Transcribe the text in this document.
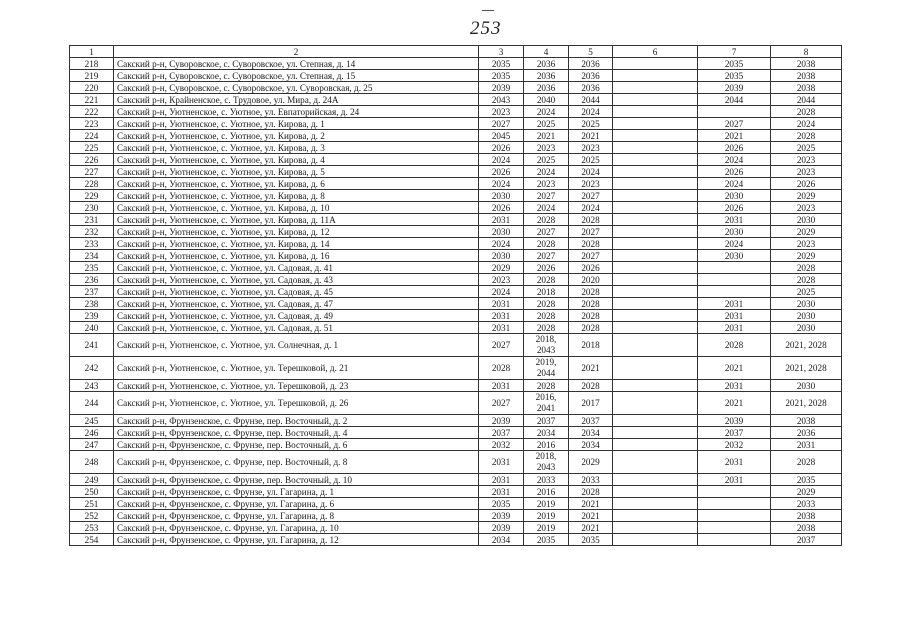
253
1	2	3	4	5	6	7	8
218	Сакский р-н, Суворовское, с. Суворовское, ул. Степная, д. 14	2035	2036	2036		2035	2038
219	Сакский р-н, Суворовское, с. Суворовское, ул. Степная, д. 15	2035	2036	2036		2035	2038
220	Сакский р-н, Суворовское, с. Суворовское, ул. Суворовская, д. 25	2039	2036	2036		2039	2038
221	Сакский р-н, Крайненское, с. Трудовое, ул. Мира, д. 24А	2043	2040	2044		2044	2044
222	Сакский р-н, Уютненское, с. Уютное, ул. Евпаторийская, д. 24	2023	2024	2024			2028
223	Сакский р-н, Уютненское, с. Уютное, ул. Кирова, д. 1	2027	2025	2025		2027	2024
224	Сакский р-н, Уютненское, с. Уютное, ул. Кирова, д. 2	2045	2021	2021		2021	2028
225	Сакский р-н, Уютненское, с. Уютное, ул. Кирова, д. 3	2026	2023	2023		2026	2025
226	Сакский р-н, Уютненское, с. Уютное, ул. Кирова, д. 4	2024	2025	2025		2024	2023
227	Сакский р-н, Уютненское, с. Уютное, ул. Кирова, д. 5	2026	2024	2024		2026	2023
228	Сакский р-н, Уютненское, с. Уютное, ул. Кирова, д. 6	2024	2023	2023		2024	2026
229	Сакский р-н, Уютненское, с. Уютное, ул. Кирова, д. 8	2030	2027	2027		2030	2029
230	Сакский р-н, Уютненское, с. Уютное, ул. Кирова, д. 10	2026	2024	2024		2026	2023
231	Сакский р-н, Уютненское, с. Уютное, ул. Кирова, д. 11А	2031	2028	2028		2031	2030
232	Сакский р-н, Уютненское, с. Уютное, ул. Кирова, д. 12	2030	2027	2027		2030	2029
233	Сакский р-н, Уютненское, с. Уютное, ул. Кирова, д. 14	2024	2028	2028		2024	2023
234	Сакский р-н, Уютненское, с. Уютное, ул. Кирова, д. 16	2030	2027	2027		2030	2029
235	Сакский р-н, Уютненское, с. Уютное, ул. Садовая, д. 41	2029	2026	2026			2028
236	Сакский р-н, Уютненское, с. Уютное, ул. Садовая, д. 43	2023	2028	2020			2028
237	Сакский р-н, Уютненское, с. Уютное, ул. Садовая, д. 45	2024	2018	2028			2025
238	Сакский р-н, Уютненское, с. Уютное, ул. Садовая, д. 47	2031	2028	2028		2031	2030
239	Сакский р-н, Уютненское, с. Уютное, ул. Садовая, д. 49	2031	2028	2028		2031	2030
240	Сакский р-н, Уютненское, с. Уютное, ул. Садовая, д. 51	2031	2028	2028		2031	2030
241	Сакский р-н, Уютненское, с. Уютное, ул. Солнечная, д. 1	2027	2018, 2043	2018		2028	2021, 2028
242	Сакский р-н, Уютненское, с. Уютное, ул. Терешковой, д. 21	2028	2019, 2044	2021		2021	2021, 2028
243	Сакский р-н, Уютненское, с. Уютное, ул. Терешковой, д. 23	2031	2028	2028		2031	2030
244	Сакский р-н, Уютненское, с. Уютное, ул. Терешковой, д. 26	2027	2016, 2041	2017		2021	2021, 2028
245	Сакский р-н, Фрунзенское, с. Фрунзе, пер. Восточный, д. 2	2039	2037	2037		2039	2038
246	Сакский р-н, Фрунзенское, с. Фрунзе, пер. Восточный, д. 4	2037	2034	2034		2037	2036
247	Сакский р-н, Фрунзенское, с. Фрунзе, пер. Восточный, д. 6	2032	2016	2034		2032	2031
248	Сакский р-н, Фрунзенское, с. Фрунзе, пер. Восточный, д. 8	2031	2018, 2043	2029		2031	2028
249	Сакский р-н, Фрунзенское, с. Фрунзе, пер. Восточный, д. 10	2031	2033	2033		2031	2035
250	Сакский р-н, Фрунзенское, с. Фрунзе, ул. Гагарина, д. 1	2031	2016	2028			2029
251	Сакский р-н, Фрунзенское, с. Фрунзе, ул. Гагарина, д. 6	2035	2019	2021			2033
252	Сакский р-н, Фрунзенское, с. Фрунзе, ул. Гагарина, д. 8	2039	2019	2021			2038
253	Сакский р-н, Фрунзенское, с. Фрунзе, ул. Гагарина, д. 10	2039	2019	2021			2038
254	Сакский р-н, Фрунзенское, с. Фрунзе, ул. Гагарина, д. 12	2034	2035	2035			2037
